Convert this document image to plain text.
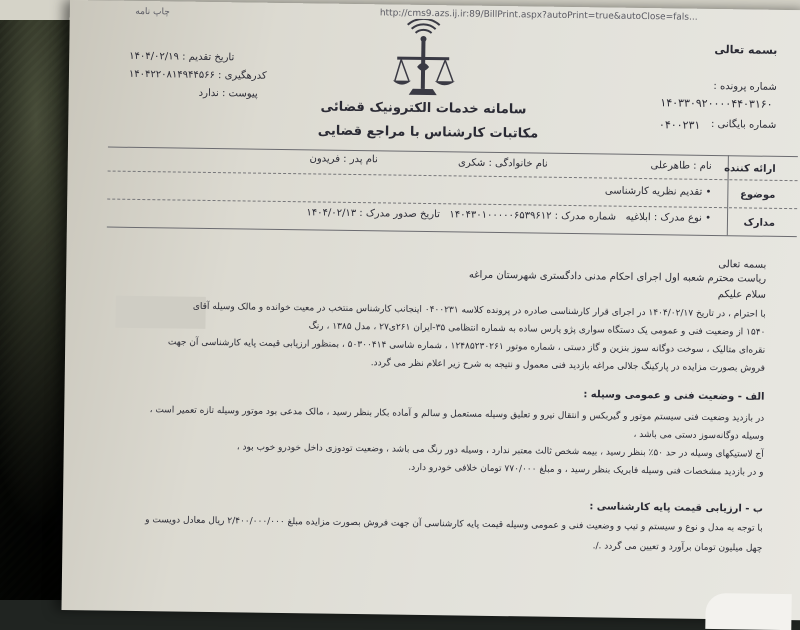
چاپ نامه	http://cms9.azs.ij.ir:89/BillPrint.aspx?autoPrint=true&autoClose=fals...
بسمه تعالی
شماره پرونده :
۱۴۰۳۳۰۹۲۰۰۰۰۴۴۰۳۱۶۰
شماره بایگانی :
۰۴۰۰۲۳۱
تاریخ تقدیم : ۱۴۰۴/۰۲/۱۹
کدرهگیری : ۱۴۰۴۲۲۰۸۱۴۹۴۴۵۶۶
پیوست : ندارد
سامانه خدمات الکترونیک قضائی
مکاتبات کارشناس با مراجع قضایی
ارائه کننده
نام : طاهرعلی
نام خانوادگی : شکری
نام پدر : فریدون
موضوع
• تقدیم نظریه کارشناسی
مدارک
• نوع مدرک : ابلاغیه   شماره مدرک : ۱۴۰۴۳۰۱۰۰۰۰۰۶۵۳۹۶۱۲   تاریخ صدور مدرک : ۱۴۰۴/۰۲/۱۳
بسمه تعالی
ریاست محترم شعبه اول اجرای احکام مدنی دادگستری شهرستان مراغه
سلام علیکم
با احترام ، در تاریخ ۱۴۰۴/۰۲/۱۷ در اجرای قرار کارشناسی صادره در پرونده کلاسه ۰۴۰۰۲۳۱ اینجانب کارشناس منتخب در معیت خوانده و مالک وسیله آقای
۱۵۴۰ از وضعیت فنی و عمومی یک دستگاه سواری پژو پارس ساده به شماره انتظامی ۳۵-ایران ۲۶۱ی۲۷ ، مدل ۱۳۸۵ ، رنگ
نقره‌ای متالیک ، سوخت دوگانه سوز بنزین و گاز دستی ، شماره موتور ۱۲۴۸۵۲۳۰۲۶۱ ، شماره شاسی ۵۰۳۰۰۴۱۴ ، بمنظور ارزیابی قیمت پایه کارشناسی آن جهت
فروش بصورت مزایده در پارکینگ جلالی مراغه بازدید فنی معمول و نتیجه به شرح زیر اعلام نظر می گردد.
الف - وضعیت فنی و عمومی وسیله :
در بازدید وضعیت فنی سیستم موتور و گیربکس و انتقال نیرو و تعلیق وسیله مستعمل و سالم و آماده بکار بنظر رسید ، مالک مدعی بود موتور وسیله تازه تعمیر است ،
وسیله دوگانه‌سوز دستی می باشد ،
آج لاستیکهای وسیله در حد ۵۰٪ بنظر رسید ، بیمه شخص ثالث معتبر ندارد ، وسیله دور رنگ می باشد ، وضعیت تودوزی داخل خودرو خوب بود ،
و در بازدید مشخصات فنی وسیله فابریک بنظر رسید ، و مبلغ ۷۷۰/۰۰۰ تومان خلافی خودرو دارد.
ب - ارزیابی قیمت پایه کارشناسی :
با توجه به مدل و نوع و سیستم و تیپ و وضعیت فنی و عمومی وسیله قیمت پایه کارشناسی آن جهت فروش بصورت مزایده مبلغ ۲/۴۰۰/۰۰۰/۰۰۰ ریال معادل دویست و
چهل میلیون تومان برآورد و تعیین می گردد ./.
